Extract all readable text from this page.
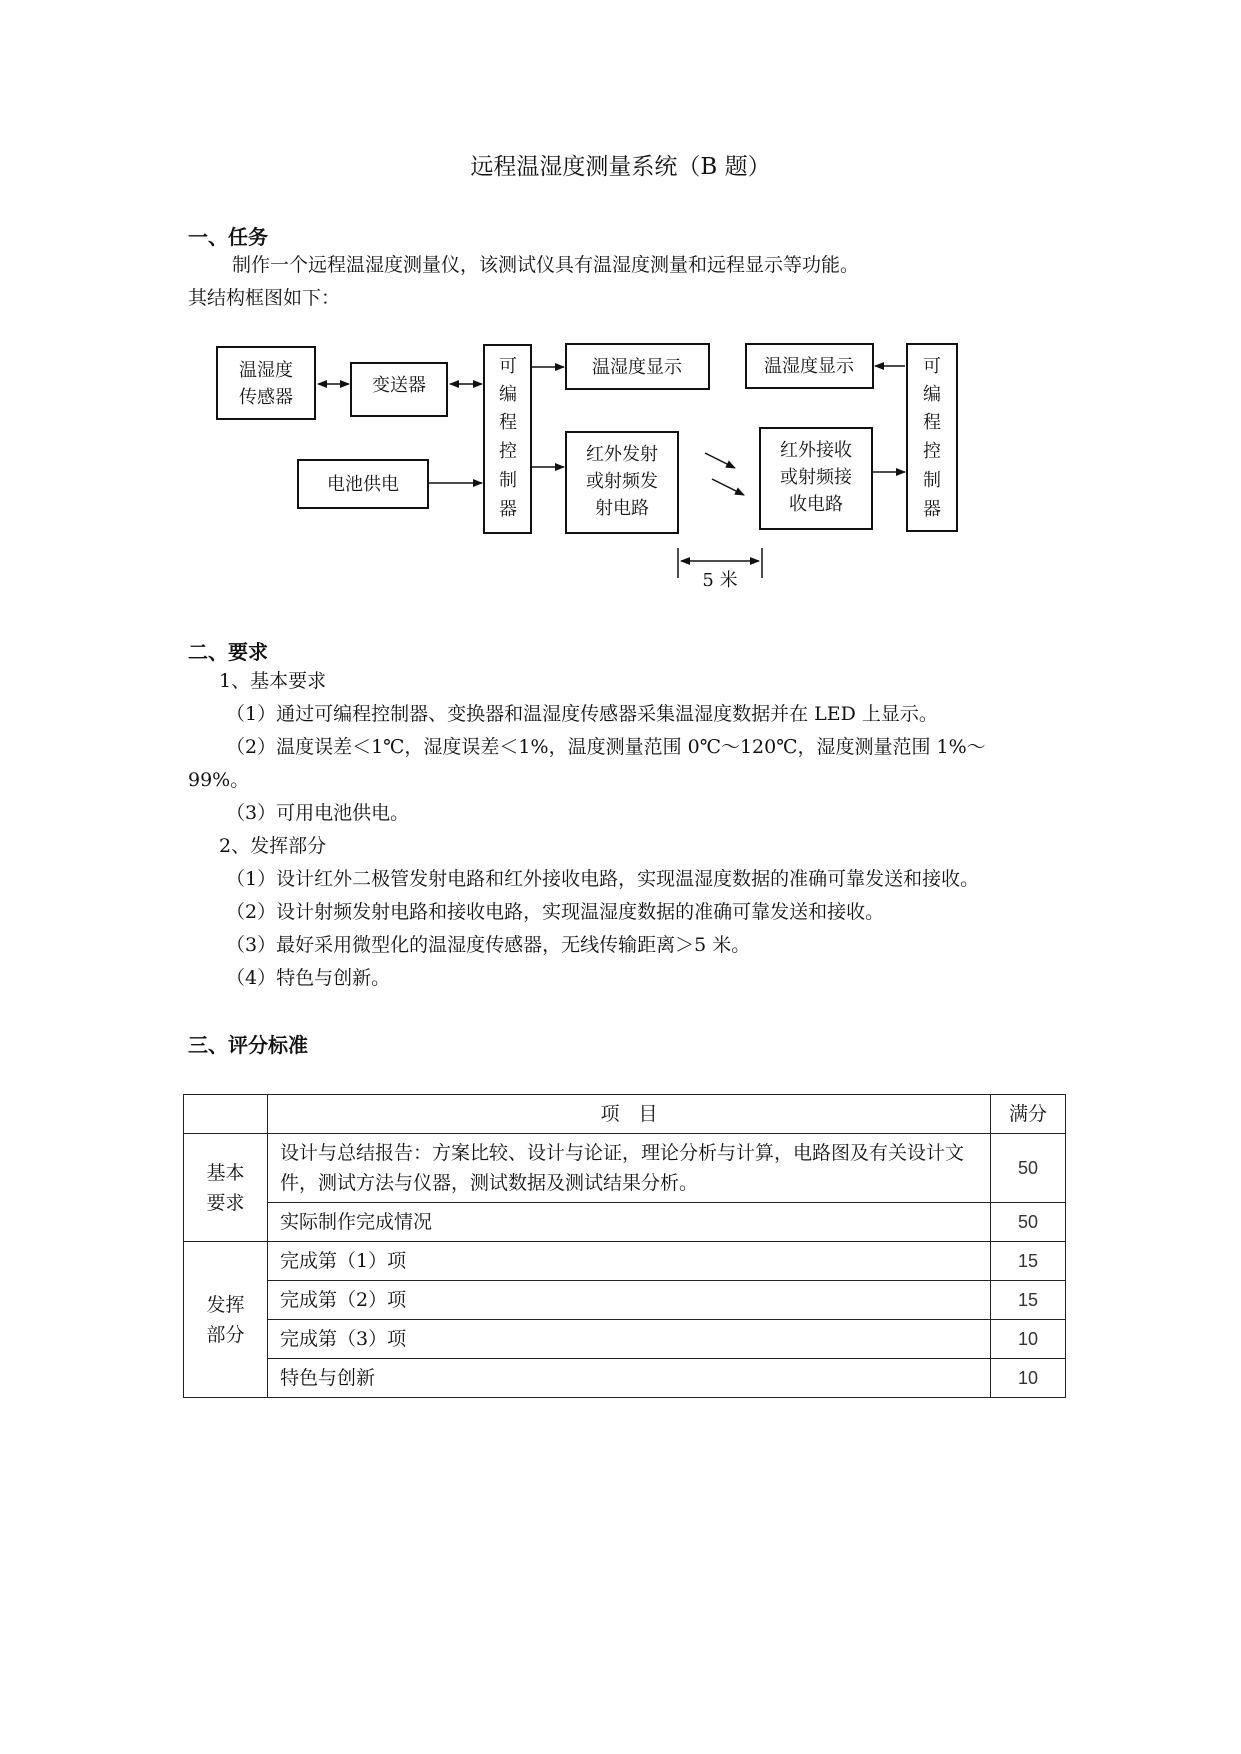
远程温湿度测量系统（B 题）
一、任务
制作一个远程温湿度测量仪，该测试仪具有温湿度测量和远程显示等功能。
其结构框图如下：
温湿度
传感器
变送器
可
编
程
控
制
器
温湿度显示
电池供电
红外发射
或射频发
射电路
温湿度显示
红外接收
或射频接
收电路
可
编
程
控
制
器
5 米
二、要求
1、基本要求
（1）通过可编程控制器、变换器和温湿度传感器采集温湿度数据并在 LED 上显示。
（2）温度误差＜1℃，湿度误差＜1%，温度测量范围 0℃～120℃，湿度测量范围 1%～
99%。
（3）可用电池供电。
2、发挥部分
（1）设计红外二极管发射电路和红外接收电路，实现温湿度数据的准确可靠发送和接收。
（2）设计射频发射电路和接收电路，实现温湿度数据的准确可靠发送和接收。
（3）最好采用微型化的温湿度传感器，无线传输距离＞5 米。
（4）特色与创新。
三、评分标准
	项　目	满分
基本
要求	设计与总结报告：方案比较、设计与论证，理论分析与计算，电路图及有关设计文件，测试方法与仪器，测试数据及测试结果分析。	50
	实际制作完成情况	50
发挥
部分	完成第（1）项	15
	完成第（2）项	15
	完成第（3）项	10
	特色与创新	10
